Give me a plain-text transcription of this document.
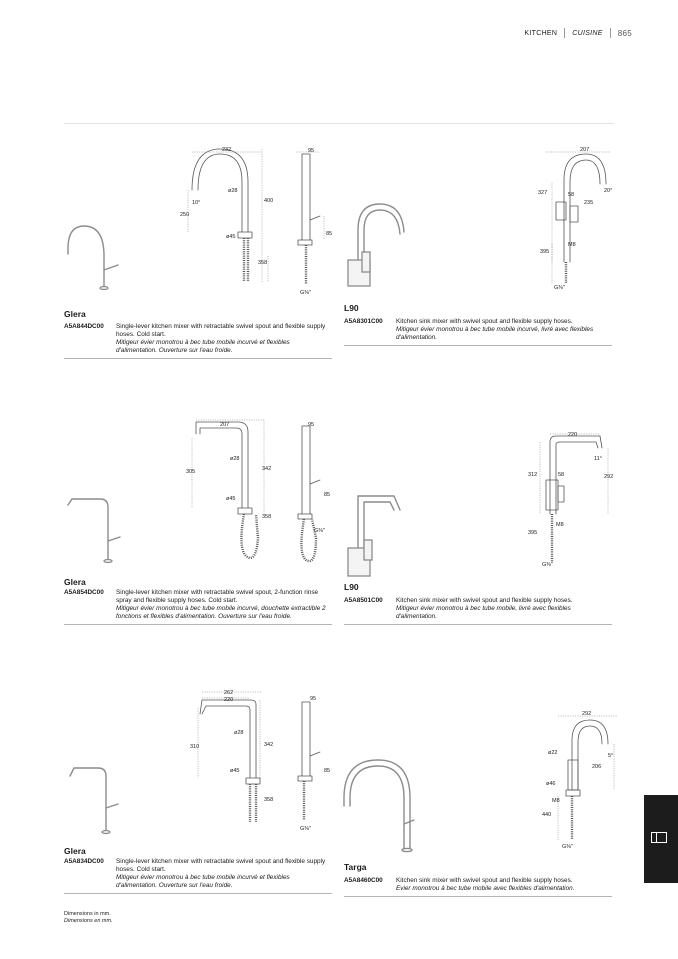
KITCHEN CUISINE 865
232	95
ø28
400
250
10°
ø45	85
358
G⅜"
Glera
A5A844DC00	Single-lever kitchen mixer with retractable swivel spout and flexible supply hoses. Cold start.
Mitigeur évier monotrou à bec tube mobile incurvé et flexibles d'alimentation. Ouverture sur l'eau froide.
207
327	58
20°
235
M8
395
G⅜"
L90
A5A8301C00	Kitchen sink mixer with swivel spout and flexible supply hoses.
Mitigeur évier monotrou à bec tube mobile incurvé, livré avec flexibles d'alimentation.
207	95
ø28
305	342
ø45
85
358
G⅜"
Glera
A5A854DC00	Single-lever kitchen mixer with retractable swivel spout, 2-function rinse spray and flexible supply hoses. Cold start.
Mitigeur évier monotrou à bec tube mobile incurvé, douchette extractible 2 fonctions et flexibles d'alimentation. Ouverture sur l'eau froide.
220
11°
312	58	292
M8
395
G⅜"
L90
A5A8501C00	Kitchen sink mixer with swivel spout and flexible supply hoses.
Mitigeur évier monotrou à bec tube mobile, livré avec flexibles d'alimentation.
262
220	95
ø28
310	342
ø45	85
358
G⅜"
Glera
A5A834DC00	Single-lever kitchen mixer with retractable swivel spout and flexible supply hoses. Cold start.
Mitigeur évier monotrou à bec tube mobile incurvé et flexibles d'alimentation. Ouverture sur l'eau froide.
292
ø22	5°
206
ø46
M8
440
G⅜"
Targa
A5A8460C00	Kitchen sink mixer with swivel spout and flexible supply hoses.
Evier monotrou à bec tube mobile avec flexibles d'alimentation.
Dimensions in mm.
Dimensions en mm.
